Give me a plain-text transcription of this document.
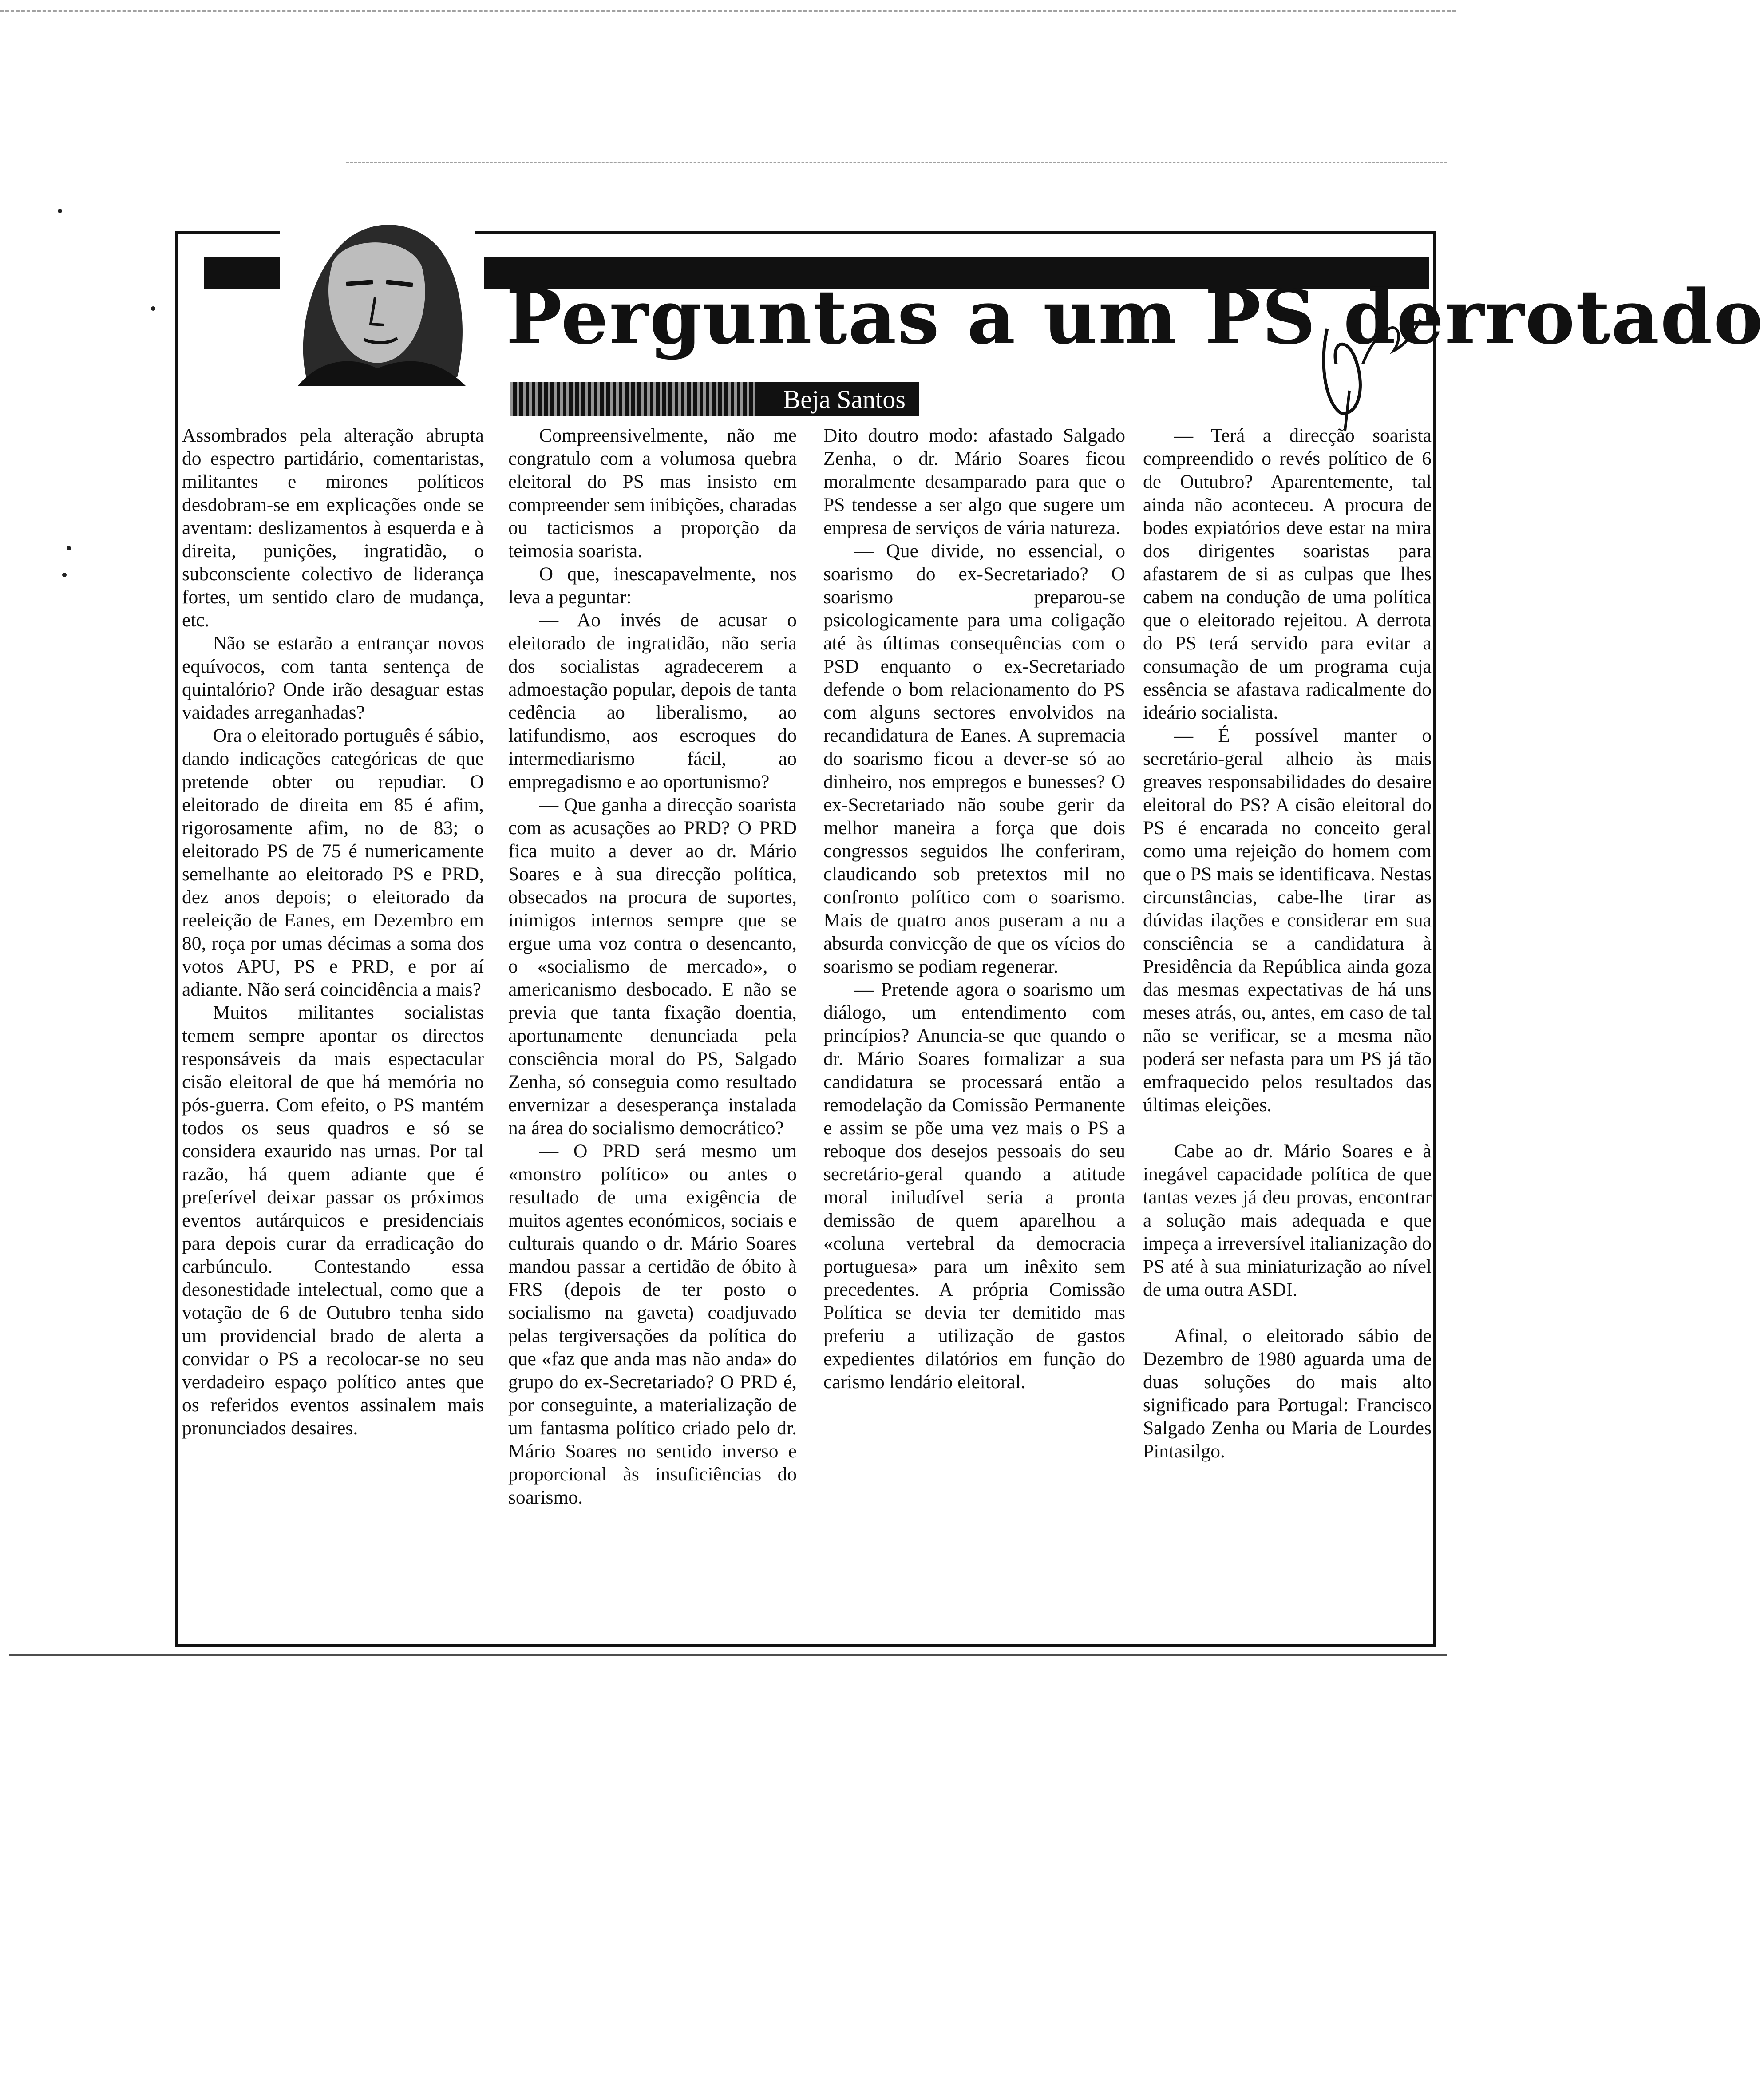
Perguntas a um PS derrotado
Beja Santos

Assombrados pela alteração abrupta do espectro partidário, comentaristas, militantes e mirones políticos desdobram-se em explicações onde se aventam: deslizamentos à esquerda e à direita, punições, ingratidão, o subconsciente colectivo de liderança fortes, um sentido claro de mudança, etc.

Não se estarão a entrançar novos equívocos, com tanta sentença de quintalório? Onde irão desaguar estas vaidades arreganhadas?

Ora o eleitorado português é sábio, dando indicações categóricas de que pretende obter ou repudiar. O eleitorado de direita em 85 é afim, rigorosamente afim, no de 83; o eleitorado PS de 75 é numericamente semelhante ao eleitorado PS e PRD, dez anos depois; o eleitorado da reeleição de Eanes, em Dezembro em 80, roça por umas décimas a soma dos votos APU, PS e PRD, e por aí adiante. Não será coincidência a mais?

Muitos militantes socialistas temem sempre apontar os directos responsáveis da mais espectacular cisão eleitoral de que há memória no pós-guerra. Com efeito, o PS mantém todos os seus quadros e só se considera exaurido nas urnas. Por tal razão, há quem adiante que é preferível deixar passar os próximos eventos autárquicos e presidenciais para depois curar da erradicação do carbúnculo. Contestando essa desonestidade intelectual, como que a votação de 6 de Outubro tenha sido um providencial brado de alerta a convidar o PS a recolocar-se no seu verdadeiro espaço político antes que os referidos eventos assinalem mais pronunciados desaires.

Compreensivelmente, não me congratulo com a volumosa quebra eleitoral do PS mas insisto em compreender sem inibições, charadas ou tacticismos a proporção da teimosia soarista.

O que, inescapavelmente, nos leva a peguntar:

— Ao invés de acusar o eleitorado de ingratidão, não seria dos socialistas agradecerem a admoestação popular, depois de tanta cedência ao liberalismo, ao latifundismo, aos escroques do intermediarismo fácil, ao empregadismo e ao oportunismo?

— Que ganha a direcção soarista com as acusações ao PRD? O PRD fica muito a dever ao dr. Mário Soares e à sua direcção política, obsecados na procura de suportes, inimigos internos sempre que se ergue uma voz contra o desencanto, o «socialismo de mercado», o americanismo desbocado. E não se previa que tanta fixação doentia, aportunamente denunciada pela consciência moral do PS, Salgado Zenha, só conseguia como resultado envernizar a desesperança instalada na área do socialismo democrático?

— O PRD será mesmo um «monstro político» ou antes o resultado de uma exigência de muitos agentes económicos, sociais e culturais quando o dr. Mário Soares mandou passar a certidão de óbito à FRS (depois de ter posto o socialismo na gaveta) coadjuvado pelas tergiversações da política do que «faz que anda mas não anda» do grupo do ex-Secretariado? O PRD é, por conseguinte, a materialização de um fantasma político criado pelo dr. Mário Soares no sentido inverso e proporcional às insuficiências do soarismo.

Dito doutro modo: afastado Salgado Zenha, o dr. Mário Soares ficou moralmente desamparado para que o PS tendesse a ser algo que sugere um empresa de serviços de vária natureza.

— Que divide, no essencial, o soarismo do ex-Secretariado? O soarismo preparou-se psicologicamente para uma coligação até às últimas consequências com o PSD enquanto o ex-Secretariado defende o bom relacionamento do PS com alguns sectores envolvidos na recandidatura de Eanes. A supremacia do soarismo ficou a dever-se só ao dinheiro, nos empregos e bunesses? O ex-Secretariado não soube gerir da melhor maneira a força que dois congressos seguidos lhe conferiram, claudicando sob pretextos mil no confronto político com o soarismo. Mais de quatro anos puseram a nu a absurda convicção de que os vícios do soarismo se podiam regenerar.

— Pretende agora o soarismo um diálogo, um entendimento com princípios? Anuncia-se que quando o dr. Mário Soares formalizar a sua candidatura se processará então a remodelação da Comissão Permanente e assim se põe uma vez mais o PS a reboque dos desejos pessoais do seu secretário-geral quando a atitude moral iniludível seria a pronta demissão de quem aparelhou a «coluna vertebral da democracia portuguesa» para um inêxito sem precedentes. A própria Comissão Política se devia ter demitido mas preferiu a utilização de gastos expedientes dilatórios em função do carismo lendário eleitoral.

— Terá a direcção soarista compreendido o revés político de 6 de Outubro? Aparentemente, tal ainda não aconteceu. A procura de bodes expiatórios deve estar na mira dos dirigentes soaristas para afastarem de si as culpas que lhes cabem na condução de uma política que o eleitorado rejeitou. A derrota do PS terá servido para evitar a consumação de um programa cuja essência se afastava radicalmente do ideário socialista.

— É possível manter o secretário-geral alheio às mais greaves responsabilidades do desaire eleitoral do PS? A cisão eleitoral do PS é encarada no conceito geral como uma rejeição do homem com que o PS mais se identificava. Nestas circunstâncias, cabe-lhe tirar as dúvidas ilações e considerar em sua consciência se a candidatura à Presidência da República ainda goza das mesmas expectativas de há uns meses atrás, ou, antes, em caso de tal não se verificar, se a mesma não poderá ser nefasta para um PS já tão emfraquecido pelos resultados das últimas eleições.

Cabe ao dr. Mário Soares e à inegável capacidade política de que tantas vezes já deu provas, encontrar a solução mais adequada e que impeça a irreversível italianização do PS até à sua miniaturização ao nível de uma outra ASDI.

Afinal, o eleitorado sábio de Dezembro de 1980 aguarda uma de duas soluções do mais alto significado para Portugal: Francisco Salgado Zenha ou Maria de Lourdes Pintasilgo.
